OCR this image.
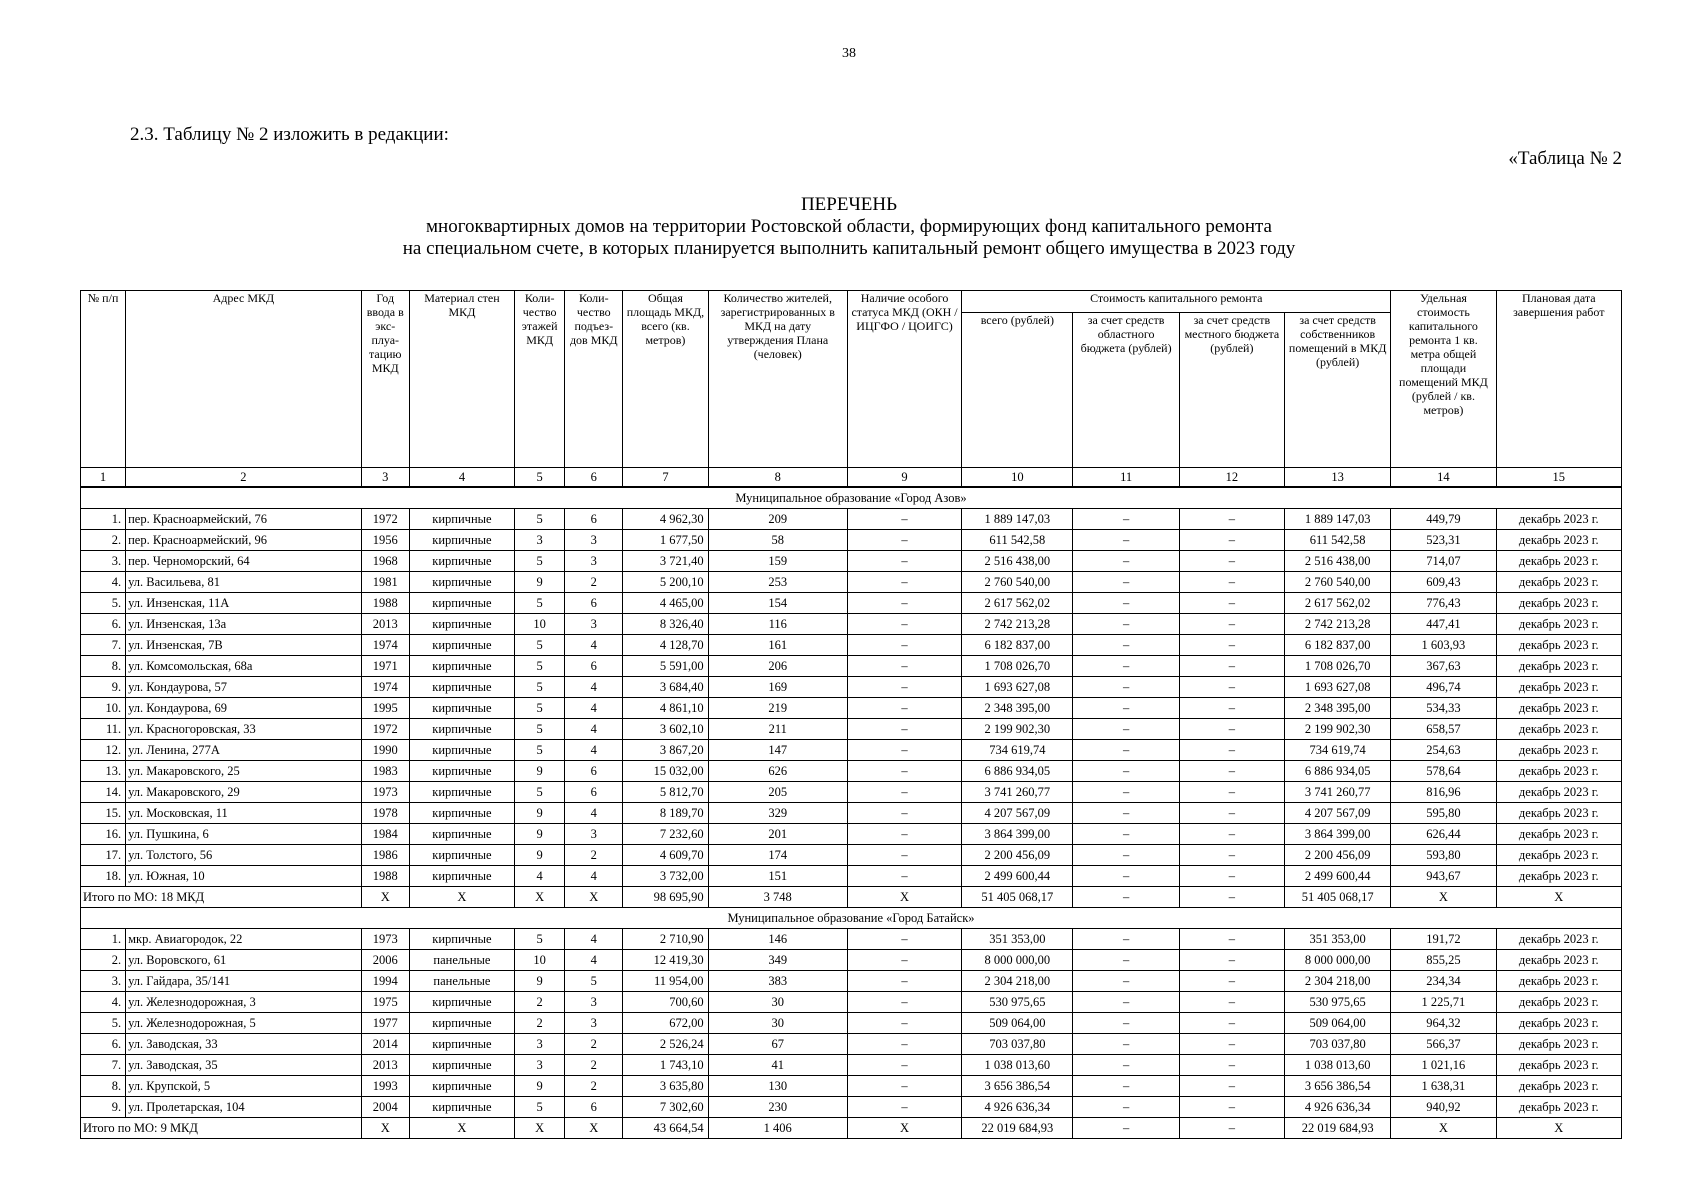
38
2.3. Таблицу № 2 изложить в редакции:
«Таблица № 2
ПЕРЕЧЕНЬ
многоквартирных домов на территории Ростовской области, формирующих фонд капитального ремонта
на специальном счете, в которых планируется выполнить капитальный ремонт общего имущества в 2023 году
№ п/п	Адрес МКД	Год ввода в экс-плуа-тацию МКД	Материал стен МКД	Коли-чество этажей МКД	Коли-чество подъез-дов МКД	Общая площадь МКД, всего (кв. метров)	Количество жителей, зарегистрированных в МКД на дату утверждения Плана (человек)	Наличие особого статуса МКД (ОКН / ИЦГФО / ЦОИГС)	Стоимость капитального ремонта				Удельная стоимость капитального ремонта 1 кв. метра общей площади помещений МКД (рублей / кв. метров)	Плановая дата завершения работ
									всего (рублей)	за счет средств областного бюджета (рублей)	за счет средств местного бюджета (рублей)	за счет средств собственников помещений в МКД (рублей)		
1	2	3	4	5	6	7	8	9	10	11	12	13	14	15
Муниципальное образование «Город Азов»														
1.	пер. Красноармейский, 76	1972	кирпичные	5	6	4 962,30	209	–	1 889 147,03	–	–	1 889 147,03	449,79	декабрь 2023 г.
2.	пер. Красноармейский, 96	1956	кирпичные	3	3	1 677,50	58	–	611 542,58	–	–	611 542,58	523,31	декабрь 2023 г.
3.	пер. Черноморский, 64	1968	кирпичные	5	3	3 721,40	159	–	2 516 438,00	–	–	2 516 438,00	714,07	декабрь 2023 г.
4.	ул. Васильева, 81	1981	кирпичные	9	2	5 200,10	253	–	2 760 540,00	–	–	2 760 540,00	609,43	декабрь 2023 г.
5.	ул. Инзенская, 11А	1988	кирпичные	5	6	4 465,00	154	–	2 617 562,02	–	–	2 617 562,02	776,43	декабрь 2023 г.
6.	ул. Инзенская, 13а	2013	кирпичные	10	3	8 326,40	116	–	2 742 213,28	–	–	2 742 213,28	447,41	декабрь 2023 г.
7.	ул. Инзенская, 7В	1974	кирпичные	5	4	4 128,70	161	–	6 182 837,00	–	–	6 182 837,00	1 603,93	декабрь 2023 г.
8.	ул. Комсомольская, 68а	1971	кирпичные	5	6	5 591,00	206	–	1 708 026,70	–	–	1 708 026,70	367,63	декабрь 2023 г.
9.	ул. Кондаурова, 57	1974	кирпичные	5	4	3 684,40	169	–	1 693 627,08	–	–	1 693 627,08	496,74	декабрь 2023 г.
10.	ул. Кондаурова, 69	1995	кирпичные	5	4	4 861,10	219	–	2 348 395,00	–	–	2 348 395,00	534,33	декабрь 2023 г.
11.	ул. Красногоровская, 33	1972	кирпичные	5	4	3 602,10	211	–	2 199 902,30	–	–	2 199 902,30	658,57	декабрь 2023 г.
12.	ул. Ленина, 277А	1990	кирпичные	5	4	3 867,20	147	–	734 619,74	–	–	734 619,74	254,63	декабрь 2023 г.
13.	ул. Макаровского, 25	1983	кирпичные	9	6	15 032,00	626	–	6 886 934,05	–	–	6 886 934,05	578,64	декабрь 2023 г.
14.	ул. Макаровского, 29	1973	кирпичные	5	6	5 812,70	205	–	3 741 260,77	–	–	3 741 260,77	816,96	декабрь 2023 г.
15.	ул. Московская, 11	1978	кирпичные	9	4	8 189,70	329	–	4 207 567,09	–	–	4 207 567,09	595,80	декабрь 2023 г.
16.	ул. Пушкина, 6	1984	кирпичные	9	3	7 232,60	201	–	3 864 399,00	–	–	3 864 399,00	626,44	декабрь 2023 г.
17.	ул. Толстого, 56	1986	кирпичные	9	2	4 609,70	174	–	2 200 456,09	–	–	2 200 456,09	593,80	декабрь 2023 г.
18.	ул. Южная, 10	1988	кирпичные	4	4	3 732,00	151	–	2 499 600,44	–	–	2 499 600,44	943,67	декабрь 2023 г.
Итого по МО: 18 МКД		X	X	X	X	98 695,90	3 748	X	51 405 068,17	–	–	51 405 068,17	X	X
Муниципальное образование «Город Батайск»														
1.	мкр. Авиагородок, 22	1973	кирпичные	5	4	2 710,90	146	–	351 353,00	–	–	351 353,00	191,72	декабрь 2023 г.
2.	ул. Воровского, 61	2006	панельные	10	4	12 419,30	349	–	8 000 000,00	–	–	8 000 000,00	855,25	декабрь 2023 г.
3.	ул. Гайдара, 35/141	1994	панельные	9	5	11 954,00	383	–	2 304 218,00	–	–	2 304 218,00	234,34	декабрь 2023 г.
4.	ул. Железнодорожная, 3	1975	кирпичные	2	3	700,60	30	–	530 975,65	–	–	530 975,65	1 225,71	декабрь 2023 г.
5.	ул. Железнодорожная, 5	1977	кирпичные	2	3	672,00	30	–	509 064,00	–	–	509 064,00	964,32	декабрь 2023 г.
6.	ул. Заводская, 33	2014	кирпичные	3	2	2 526,24	67	–	703 037,80	–	–	703 037,80	566,37	декабрь 2023 г.
7.	ул. Заводская, 35	2013	кирпичные	3	2	1 743,10	41	–	1 038 013,60	–	–	1 038 013,60	1 021,16	декабрь 2023 г.
8.	ул. Крупской, 5	1993	кирпичные	9	2	3 635,80	130	–	3 656 386,54	–	–	3 656 386,54	1 638,31	декабрь 2023 г.
9.	ул. Пролетарская, 104	2004	кирпичные	5	6	7 302,60	230	–	4 926 636,34	–	–	4 926 636,34	940,92	декабрь 2023 г.
Итого по МО: 9 МКД		X	X	X	X	43 664,54	1 406	X	22 019 684,93	–	–	22 019 684,93	X	X
